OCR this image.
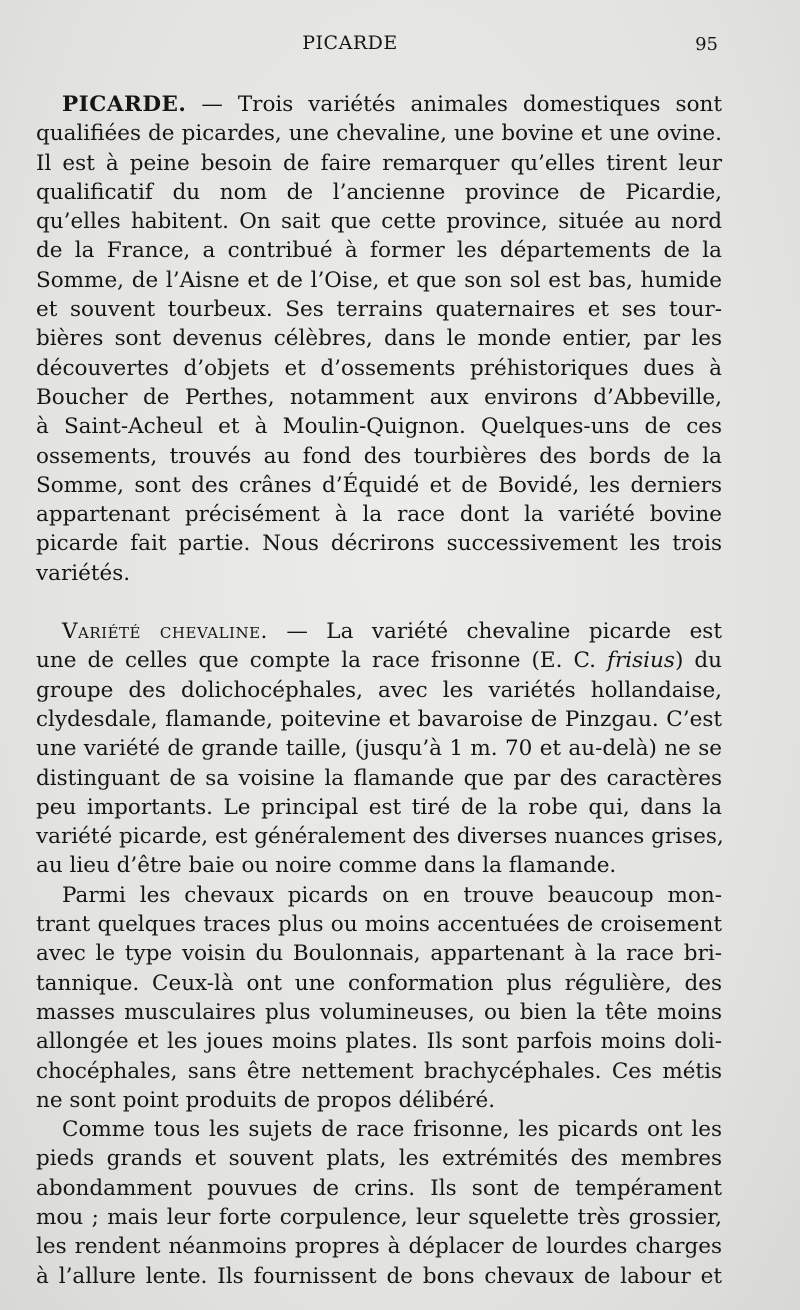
PICARDE	95
PICARDE. — Trois variétés animales domestiques sont
qualifiées de picardes, une chevaline, une bovine et une ovine.
Il est à peine besoin de faire remarquer qu’elles tirent leur
qualificatif du nom de l’ancienne province de Picardie,
qu’elles habitent. On sait que cette province, située au nord
de la France, a contribué à former les départements de la
Somme, de l’Aisne et de l’Oise, et que son sol est bas, humide
et souvent tourbeux. Ses terrains quaternaires et ses tour-
bières sont devenus célèbres, dans le monde entier, par les
découvertes d’objets et d’ossements préhistoriques dues à
Boucher de Perthes, notamment aux environs d’Abbeville,
à Saint-Acheul et à Moulin-Quignon. Quelques-uns de ces
ossements, trouvés au fond des tourbières des bords de la
Somme, sont des crânes d’Équidé et de Bovidé, les derniers
appartenant précisément à la race dont la variété bovine
picarde fait partie. Nous décrirons successivement les trois
variétés.
Variété chevaline. — La variété chevaline picarde est
une de celles que compte la race frisonne (E. C. frisius) du
groupe des dolichocéphales, avec les variétés hollandaise,
clydesdale, flamande, poitevine et bavaroise de Pinzgau. C’est
une variété de grande taille, (jusqu’à 1 m. 70 et au-delà) ne se
distinguant de sa voisine la flamande que par des caractères
peu importants. Le principal est tiré de la robe qui, dans la
variété picarde, est généralement des diverses nuances grises,
au lieu d’être baie ou noire comme dans la flamande.
Parmi les chevaux picards on en trouve beaucoup mon-
trant quelques traces plus ou moins accentuées de croisement
avec le type voisin du Boulonnais, appartenant à la race bri-
tannique. Ceux-là ont une conformation plus régulière, des
masses musculaires plus volumineuses, ou bien la tête moins
allongée et les joues moins plates. Ils sont parfois moins doli-
chocéphales, sans être nettement brachycéphales. Ces métis
ne sont point produits de propos délibéré.
Comme tous les sujets de race frisonne, les picards ont les
pieds grands et souvent plats, les extrémités des membres
abondamment pouvues de crins. Ils sont de tempérament
mou ; mais leur forte corpulence, leur squelette très grossier,
les rendent néanmoins propres à déplacer de lourdes charges
à l’allure lente. Ils fournissent de bons chevaux de labour et
